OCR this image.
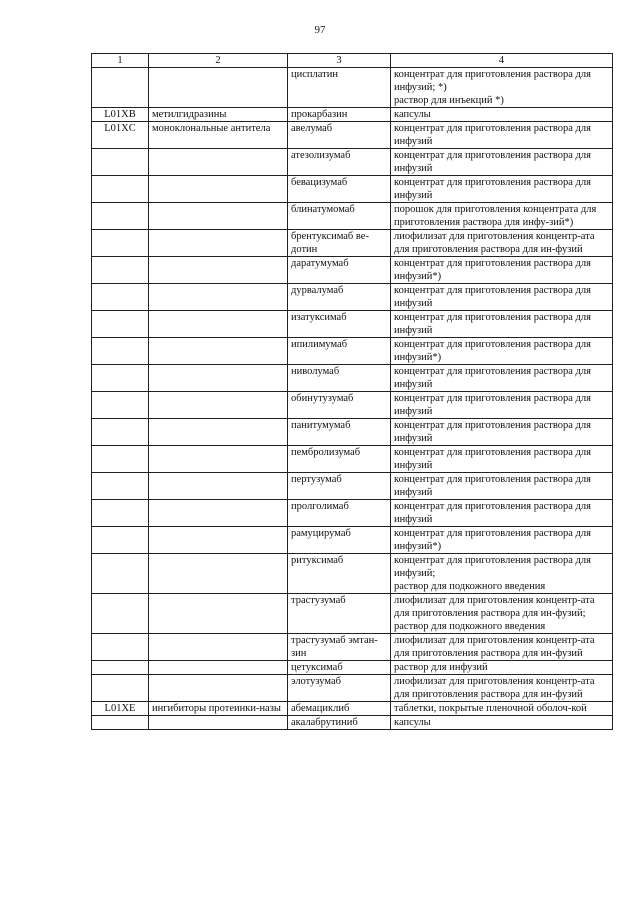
97
1	2	3	4
		цисплатин	концентрат для приготовления раствора для инфузий; *)
раствор для инъекций *)

L01XB	метилгидразины	прокарбазин	капсулы

L01XC	моноклональные антитела	авелумаб	концентрат для приготовления раствора для инфузий

		атезолизумаб	концентрат для приготовления раствора для инфузий

		бевацизумаб	концентрат для приготовления раствора для инфузий

		блинатумомаб	порошок для приготовления концентрата для приготовления раствора для инфу-зий*)

		брентуксимаб ве-дотин	лиофилизат для приготовления концентр-ата для приготовления раствора для ин-фузий

		даратумумаб	концентрат для приготовления раствора для инфузий*)

		дурвалумаб	концентрат для приготовления раствора для инфузий

		изатуксимаб	концентрат для приготовления раствора для инфузий

		ипилимумаб	концентрат для приготовления раствора для инфузий*)

		ниволумаб	концентрат для приготовления раствора для инфузий

		обинутузумаб	концентрат для приготовления раствора для инфузий

		панитумумаб	концентрат для приготовления раствора для инфузий

		пембролизумаб	концентрат для приготовления раствора для инфузий

		пертузумаб	концентрат для приготовления раствора для инфузий

		пролголимаб	концентрат для приготовления раствора для инфузий

		рамуцирумаб	концентрат для приготовления раствора для инфузий*)

		ритуксимаб	концентрат для приготовления раствора для инфузий;
раствор для подкожного введения

		трастузумаб	лиофилизат для приготовления концентр-ата для приготовления раствора для ин-фузий;
раствор для подкожного введения

		трастузумаб эмтан-зин	лиофилизат для приготовления концентр-ата для приготовления раствора для ин-фузий

		цетуксимаб	раствор для инфузий

		элотузумаб	лиофилизат для приготовления концентр-ата для приготовления раствора для ин-фузий

L01XE	ингибиторы протеинки-назы	абемациклиб	таблетки, покрытые пленочной оболоч-кой

		акалабрутиниб	капсулы
